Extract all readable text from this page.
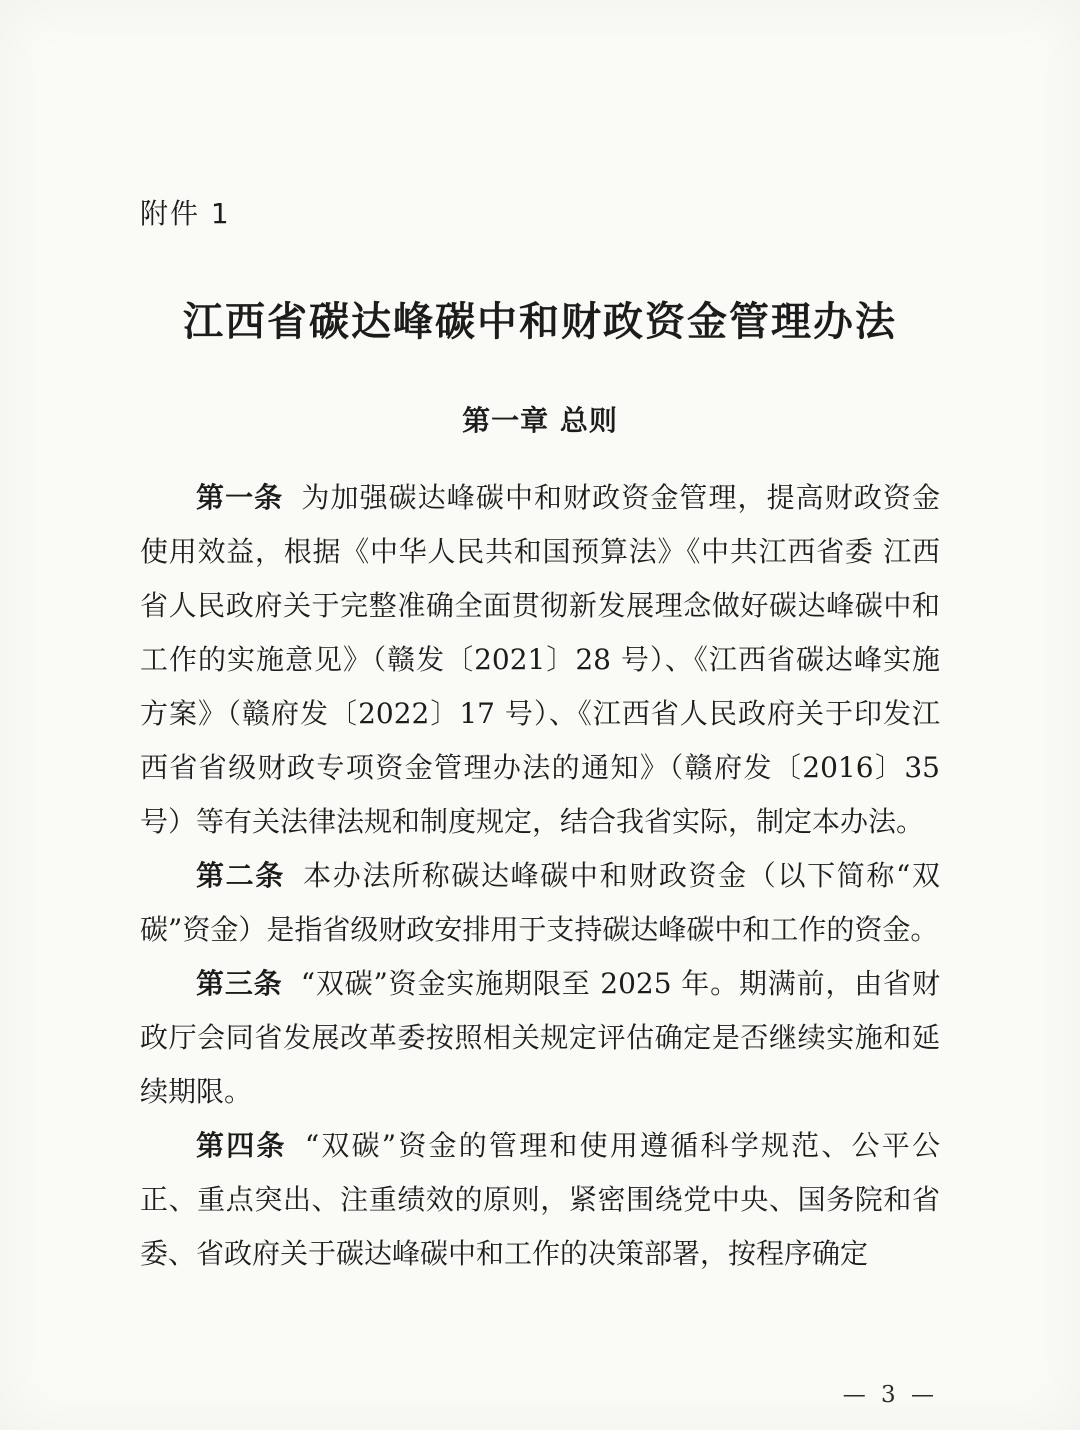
附件 1
江西省碳达峰碳中和财政资金管理办法
第一章 总则

第一条 为加强碳达峰碳中和财政资金管理，提高财政资金使用效益，根据《中华人民共和国预算法》《中共江西省委 江西省人民政府关于完整准确全面贯彻新发展理念做好碳达峰碳中和工作的实施意见》（赣发〔2021〕28 号）、《江西省碳达峰实施方案》（赣府发〔2022〕17 号）、《江西省人民政府关于印发江西省省级财政专项资金管理办法的通知》（赣府发〔2016〕35 号）等有关法律法规和制度规定，结合我省实际，制定本办法。

第二条 本办法所称碳达峰碳中和财政资金（以下简称“双碳”资金）是指省级财政安排用于支持碳达峰碳中和工作的资金。

第三条 “双碳”资金实施期限至 2025 年。期满前，由省财政厅会同省发展改革委按照相关规定评估确定是否继续实施和延续期限。

第四条 “双碳”资金的管理和使用遵循科学规范、公平公正、重点突出、注重绩效的原则，紧密围绕党中央、国务院和省委、省政府关于碳达峰碳中和工作的决策部署，按程序确定

— 3 —
